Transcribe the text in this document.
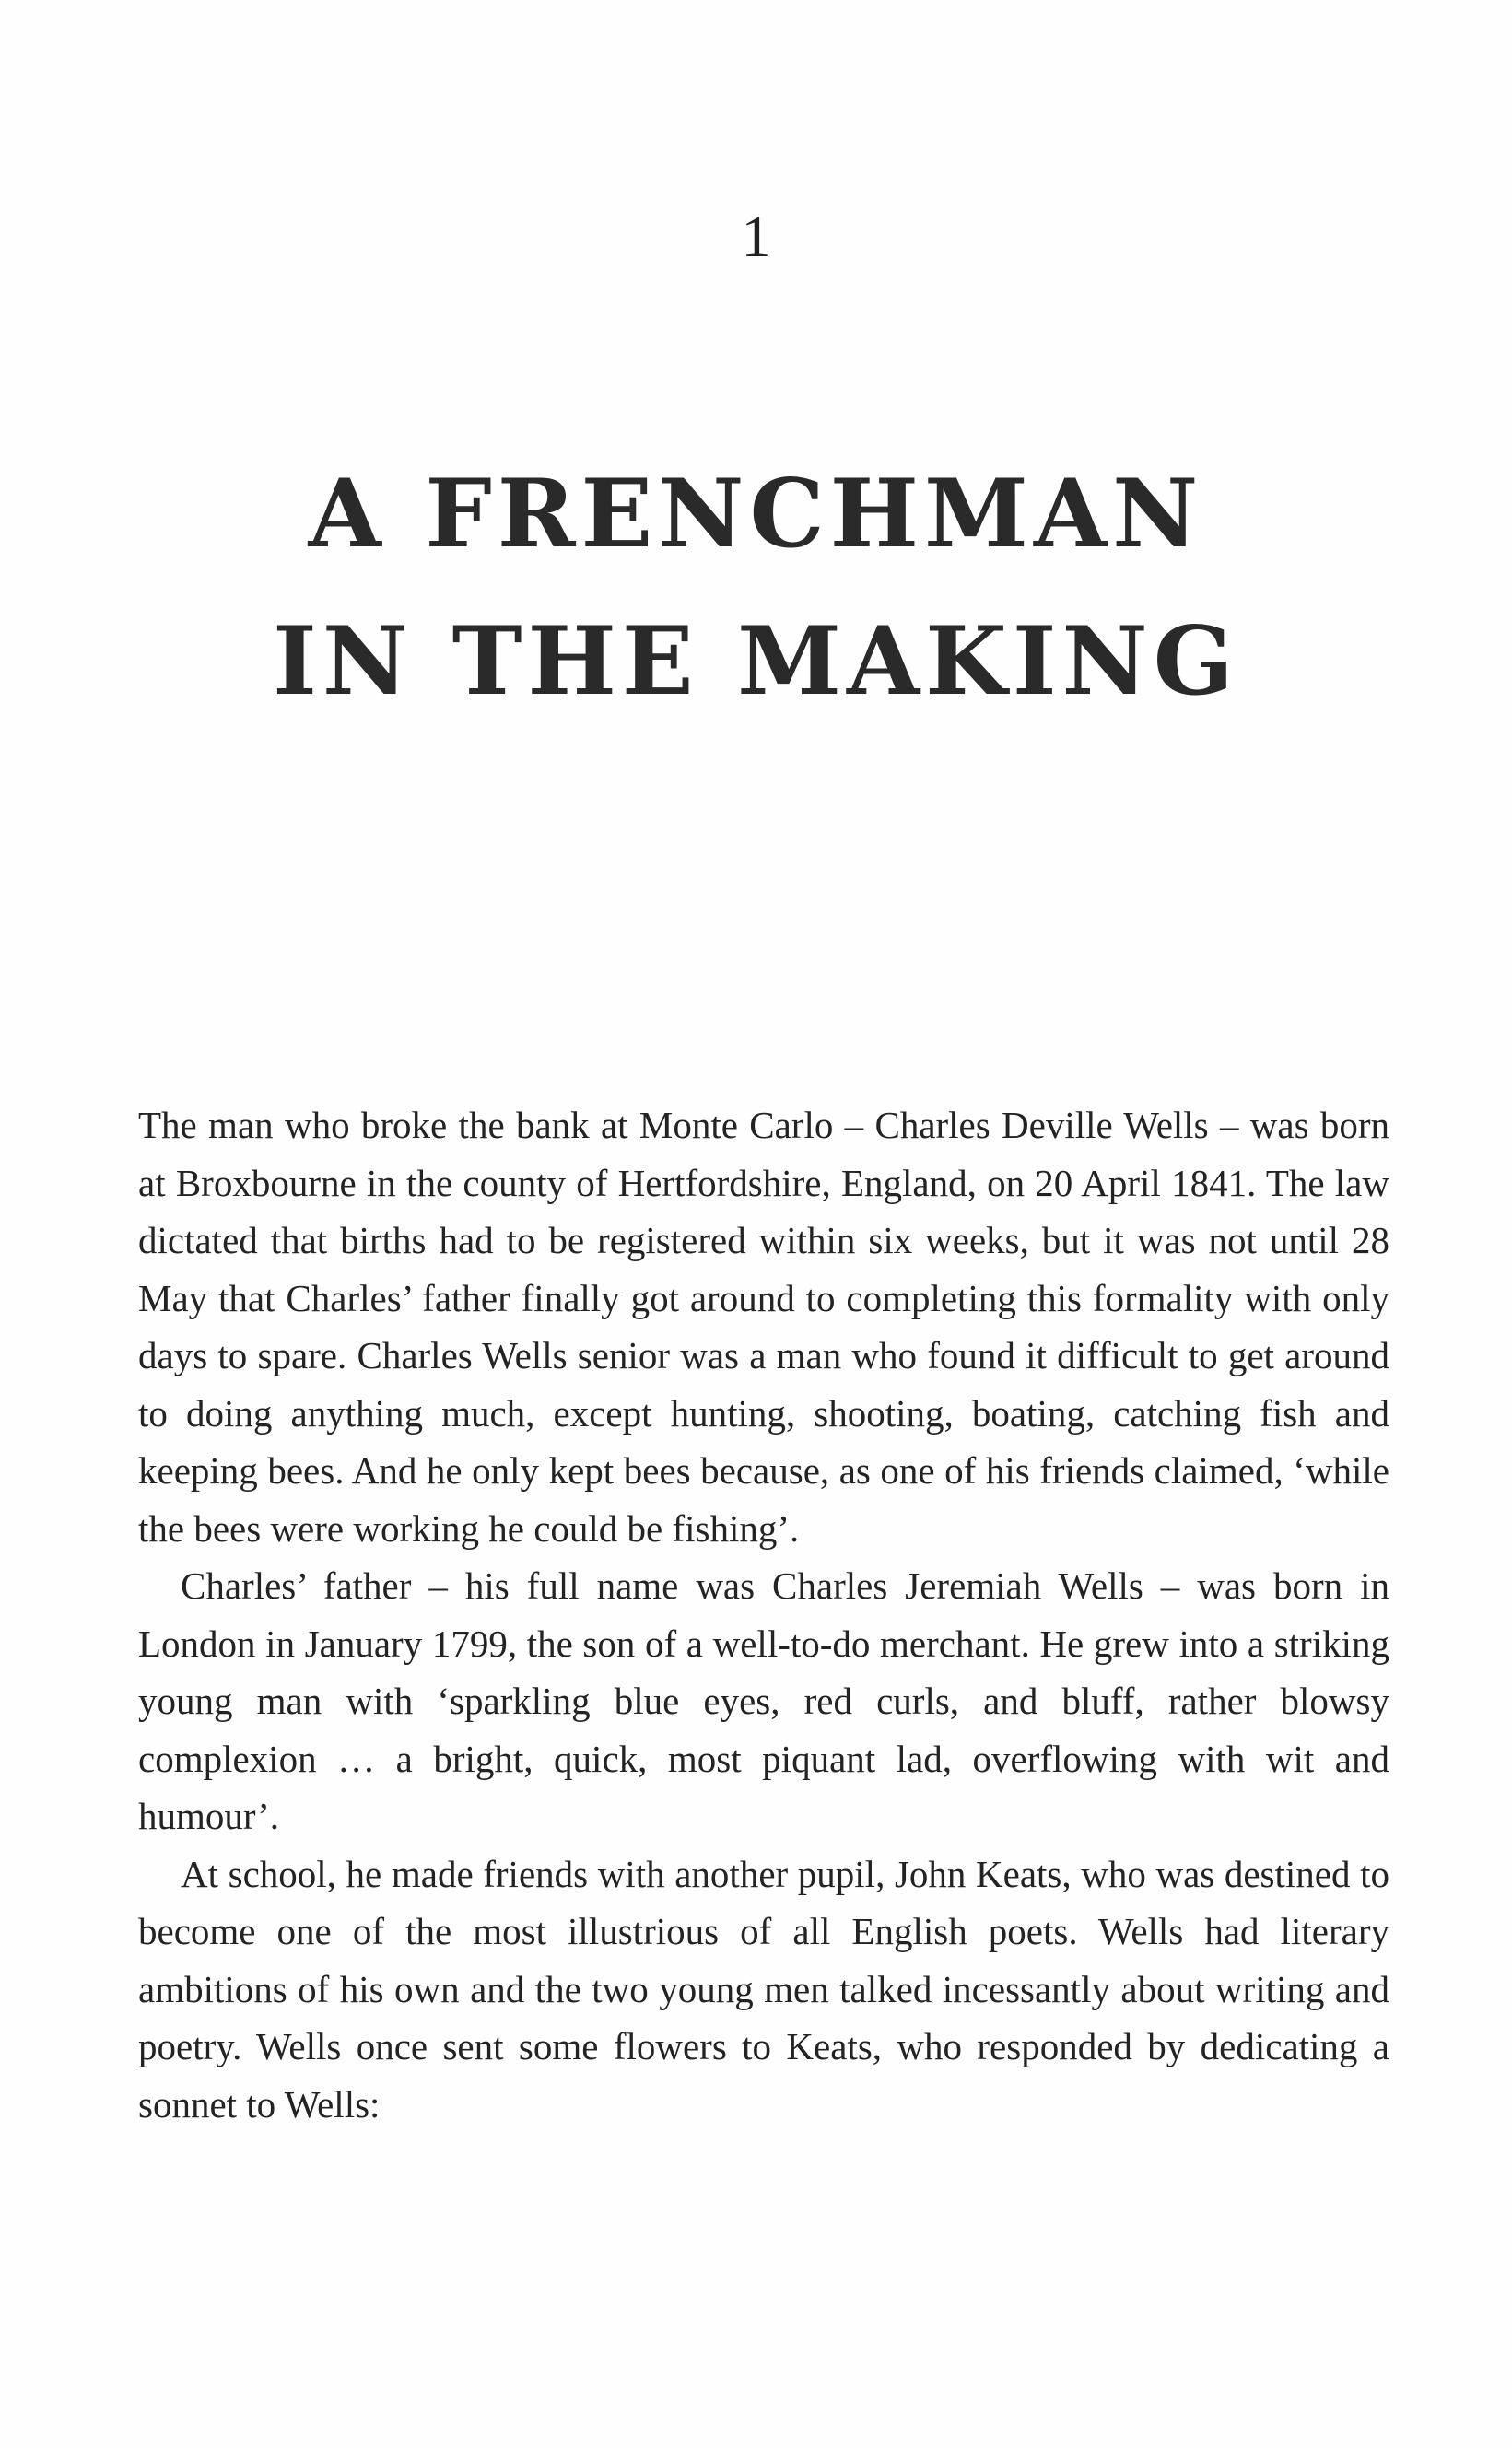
1
A FRENCHMAN
IN THE MAKING

The man who broke the bank at Monte Carlo – Charles Deville Wells – was born at Broxbourne in the county of Hertfordshire, England, on 20 April 1841. The law dictated that births had to be registered within six weeks, but it was not until 28 May that Charles’ father finally got around to completing this formality with only days to spare. Charles Wells senior was a man who found it difficult to get around to doing anything much, except hunting, shooting, boating, catching fish and keeping bees. And he only kept bees because, as one of his friends claimed, ‘while the bees were working he could be fishing’.

Charles’ father – his full name was Charles Jeremiah Wells – was born in London in January 1799, the son of a well-to-do merchant. He grew into a striking young man with ‘sparkling blue eyes, red curls, and bluff, rather blowsy complexion … a bright, quick, most piquant lad, overflowing with wit and humour’.

At school, he made friends with another pupil, John Keats, who was destined to become one of the most illustrious of all English poets. Wells had literary ambitions of his own and the two young men talked incessantly about writing and poetry. Wells once sent some flowers to Keats, who responded by dedicating a sonnet to Wells:
